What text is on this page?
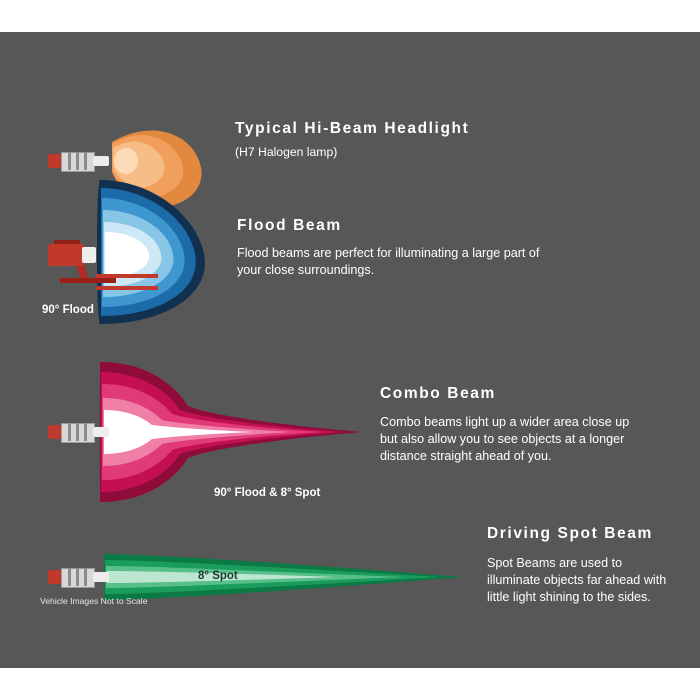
Typical Hi-Beam Headlight
(H7 Halogen lamp)
90° Flood
Flood Beam
Flood beams are perfect for illuminating a large part of your close surroundings.
90° Flood & 8° Spot
Combo Beam
Combo beams light up a wider area close up but also allow you to see objects at a longer distance straight ahead of you.
8° Spot
Driving Spot Beam
Spot Beams are used to illuminate objects far ahead with little light shining to the sides.
Vehicle Images Not to Scale
